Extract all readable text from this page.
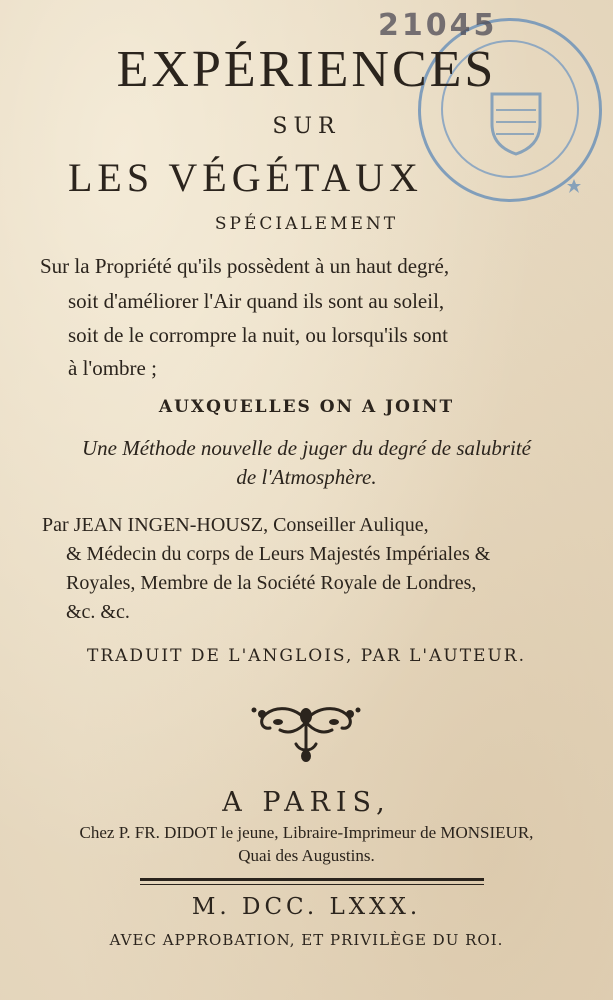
21045
EXPÉRIENCES
SUR
LES VÉGÉTAUX
SPÉCIALEMENT
Sur la Propriété qu'ils possèdent à un haut degré,
soit d'améliorer l'Air quand ils sont au soleil,
soit de le corrompre la nuit, ou lorsqu'ils sont
à l'ombre ;
AUXQUELLES ON A JOINT
Une Méthode nouvelle de juger du degré de salubrité
de l'Atmosphère.
Par JEAN INGEN-HOUSZ, Conseiller Aulique,
& Médecin du corps de Leurs Majestés Impériales &
Royales, Membre de la Société Royale de Londres,
&c. &c.
TRADUIT DE L'ANGLOIS, PAR L'AUTEUR.
A PARIS,
Chez P. FR. DIDOT le jeune, Libraire-Imprimeur de MONSIEUR,
Quai des Augustins.
M. DCC. LXXX.
AVEC APPROBATION, ET PRIVILÈGE DU ROI.
